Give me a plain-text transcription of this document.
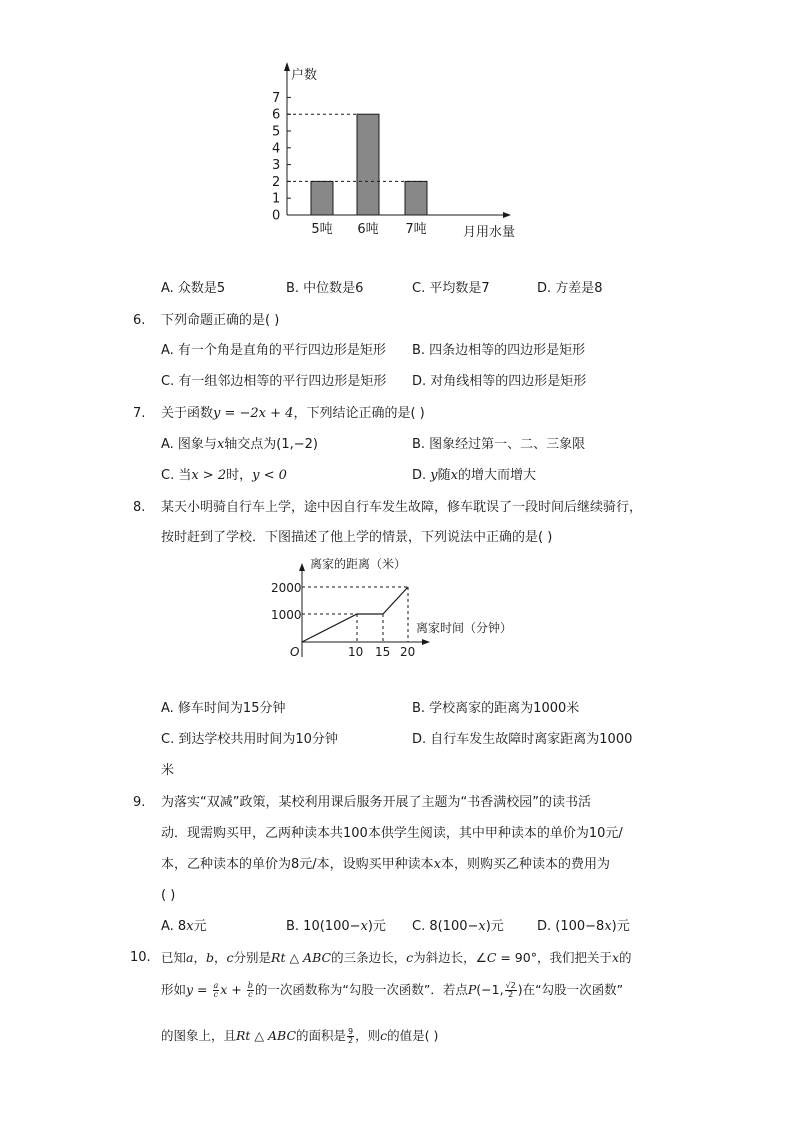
0
1
2
3
4
5
6
7
户数
月用水量
5吨 6吨 7吨
A. 众数是5	B. 中位数是6	C. 平均数是7	D. 方差是8
6. 下列命题正确的是( )
A. 有一个角是直角的平行四边形是矩形 B. 四条边相等的四边形是矩形
C. 有一组邻边相等的平行四边形是矩形 D. 对角线相等的四边形是矩形
7. 关于函数y = −2x + 4，下列结论正确的是( )
A. 图象与x轴交点为(1,−2)	B. 图象经过第一、二、三象限
C. 当x > 2时，y < 0	D. y随x的增大而增大
8. 某天小明骑自行车上学，途中因自行车发生故障，修车耽误了一段时间后继续骑行，
按时赶到了学校．下图描述了他上学的情景，下列说法中正确的是( )
离家的距离（米）
离家时间（分钟）
O
1000
2000
10 15 20
A. 修车时间为15分钟	B. 学校离家的距离为1000米
C. 到达学校共用时间为10分钟	D. 自行车发生故障时离家距离为1000
米
9. 为落实“双减”政策，某校利用课后服务开展了主题为“书香满校园”的读书活
动．现需购买甲，乙两种读本共100本供学生阅读，其中甲种读本的单价为10元/
本，乙种读本的单价为8元/本，设购买甲种读本x本，则购买乙种读本的费用为
( )
A. 8x元	B. 10(100−x)元 C. 8(100−x)元	D. (100−8x)元
10. 已知a，b，c分别是Rt △ ABC的三条边长，c为斜边长，∠C = 90°，我们把关于x的
形如$y = \frac{a}{c}$ $x + \frac{b}{c}$ 的一次函数称为“勾股一次函数”．若点P(−1, $\frac{√2}{2}$ )在“勾股一次函数”
的图象上，且Rt △ ABC的面积是 $\frac{9}{2}$ ，则c的值是( )
